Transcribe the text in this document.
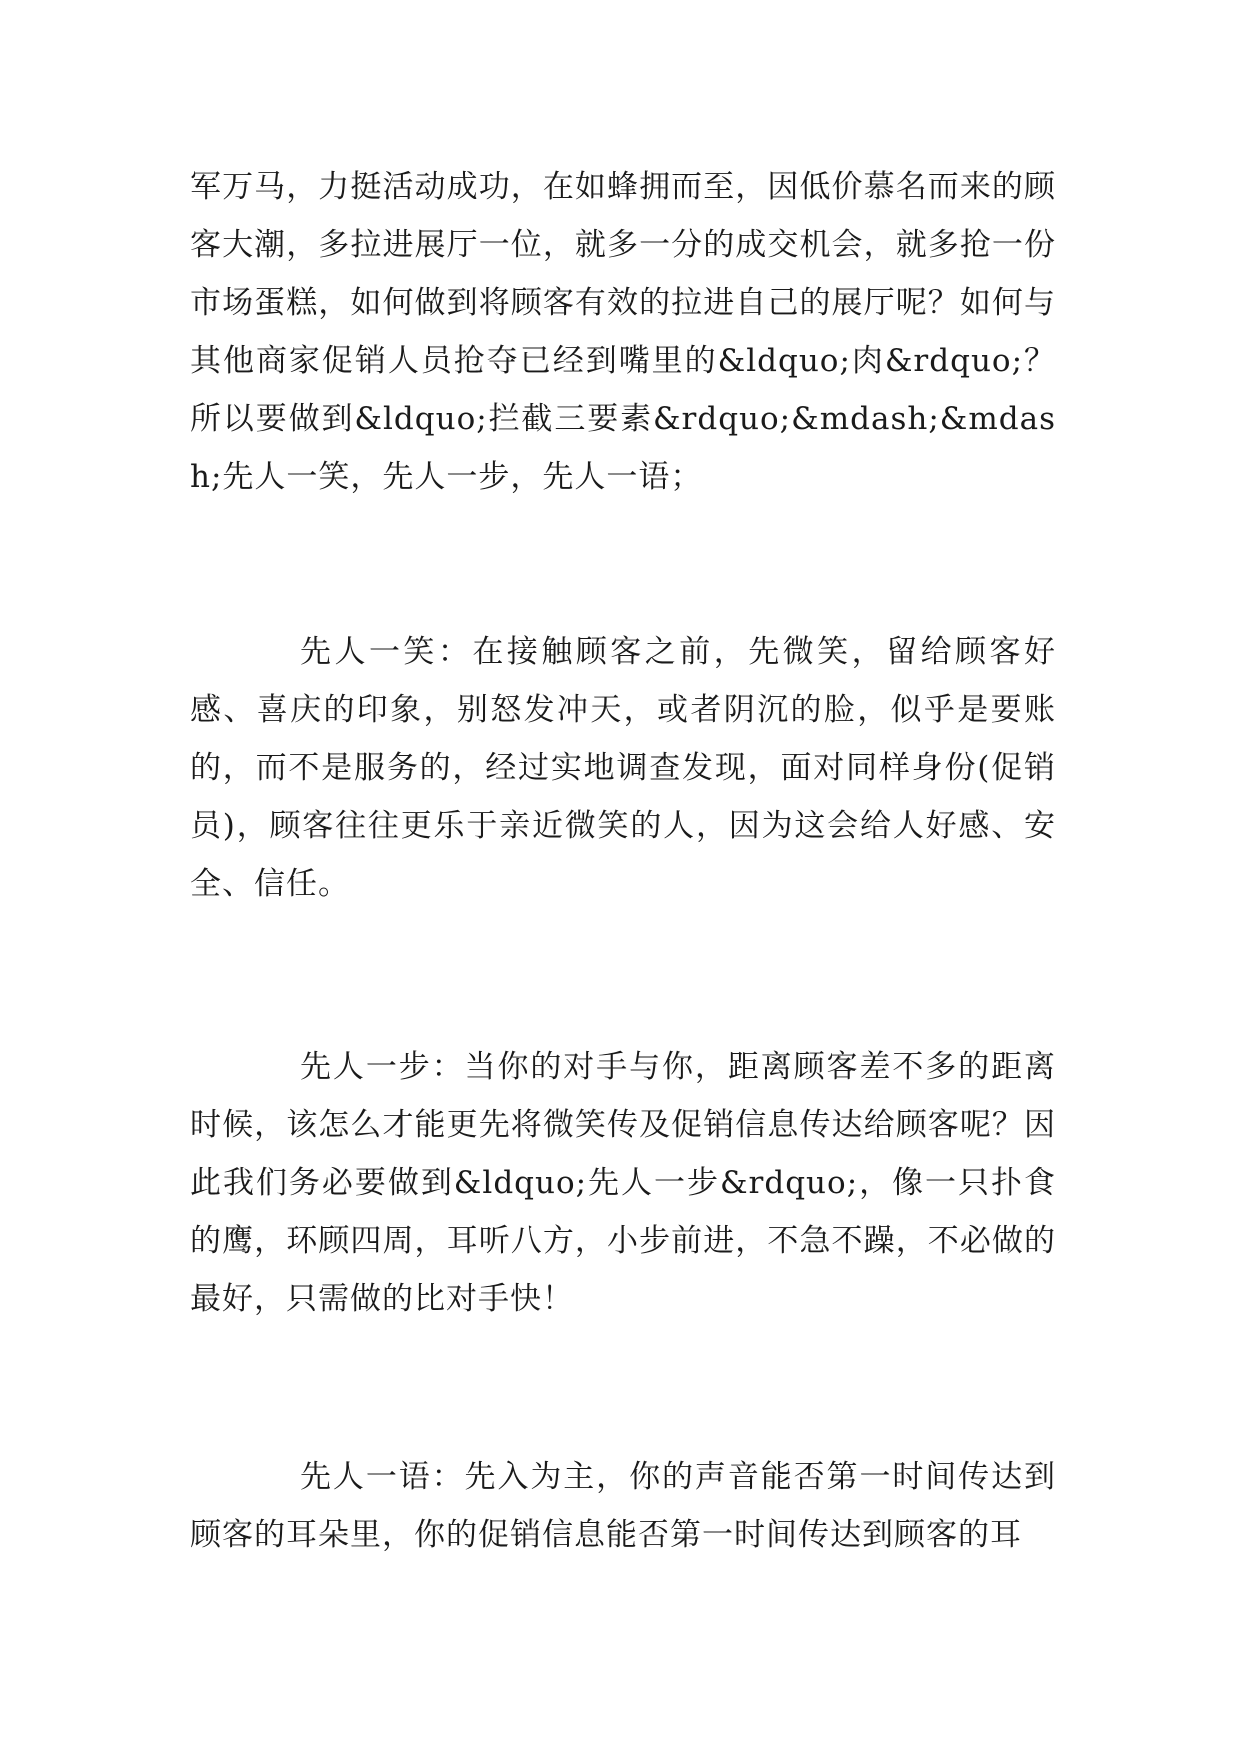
军万马，力挺活动成功，在如蜂拥而至，因低价慕名而来的顾客大潮，多拉进展厅一位，就多一分的成交机会，就多抢一份市场蛋糕，如何做到将顾客有效的拉进自己的展厅呢？如何与其他商家促销人员抢夺已经到嘴里的&ldquo;肉&rdquo;？所以要做到&ldquo;拦截三要素&rdquo;&mdash;&mdash;先人一笑，先人一步，先人一语；

先人一笑：在接触顾客之前，先微笑，留给顾客好感、喜庆的印象，别怒发冲天，或者阴沉的脸，似乎是要账的，而不是服务的，经过实地调查发现，面对同样身份(促销员)，顾客往往更乐于亲近微笑的人，因为这会给人好感、安全、信任。

先人一步：当你的对手与你，距离顾客差不多的距离时候，该怎么才能更先将微笑传及促销信息传达给顾客呢？因此我们务必要做到&ldquo;先人一步&rdquo;，像一只扑食的鹰，环顾四周，耳听八方，小步前进，不急不躁，不必做的最好，只需做的比对手快！

先人一语：先入为主，你的声音能否第一时间传达到顾客的耳朵里，你的促销信息能否第一时间传达到顾客的耳
